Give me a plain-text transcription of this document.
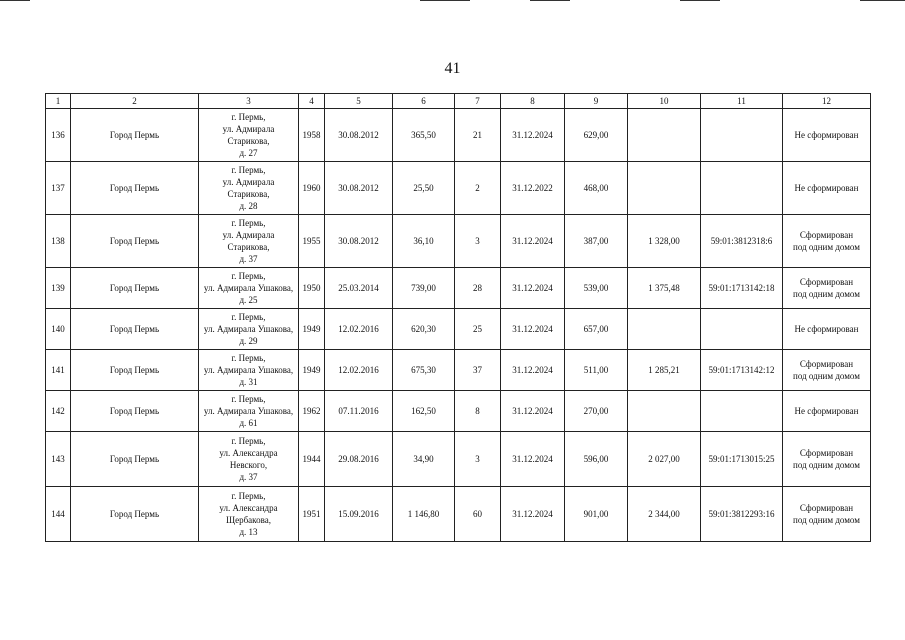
41
1	2	3	4	5	6	7	8	9	10	11	12
136	Город Пермь	г. Пермь,
ул. Адмирала
Старикова,
д. 27	1958	30.08.2012	365,50	21	31.12.2024	629,00			Не сформирован
137	Город Пермь	г. Пермь,
ул. Адмирала
Старикова,
д. 28	1960	30.08.2012	25,50	2	31.12.2022	468,00			Не сформирован
138	Город Пермь	г. Пермь,
ул. Адмирала
Старикова,
д. 37	1955	30.08.2012	36,10	3	31.12.2024	387,00	1 328,00	59:01:3812318:6	Сформирован
под одним домом
139	Город Пермь	г. Пермь,
ул. Адмирала Ушакова,
д. 25	1950	25.03.2014	739,00	28	31.12.2024	539,00	1 375,48	59:01:1713142:18	Сформирован
под одним домом
140	Город Пермь	г. Пермь,
ул. Адмирала Ушакова,
д. 29	1949	12.02.2016	620,30	25	31.12.2024	657,00			Не сформирован
141	Город Пермь	г. Пермь,
ул. Адмирала Ушакова,
д. 31	1949	12.02.2016	675,30	37	31.12.2024	511,00	1 285,21	59:01:1713142:12	Сформирован
под одним домом
142	Город Пермь	г. Пермь,
ул. Адмирала Ушакова,
д. 61	1962	07.11.2016	162,50	8	31.12.2024	270,00			Не сформирован
143	Город Пермь	г. Пермь,
ул. Александра
Невского,
д. 37	1944	29.08.2016	34,90	3	31.12.2024	596,00	2 027,00	59:01:1713015:25	Сформирован
под одним домом
144	Город Пермь	г. Пермь,
ул. Александра
Щербакова,
д. 13	1951	15.09.2016	1 146,80	60	31.12.2024	901,00	2 344,00	59:01:3812293:16	Сформирован
под одним домом
